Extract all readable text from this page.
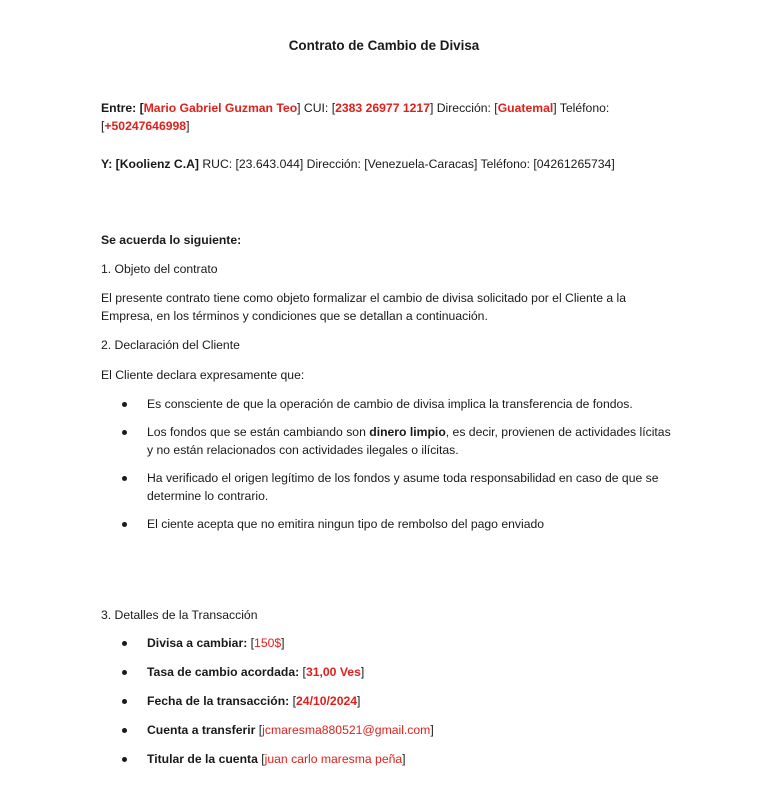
Contrato de Cambio de Divisa

Entre: [Mario Gabriel Guzman Teo] CUI: [2383 26977 1217] Dirección: [Guatemal] Teléfono:
[+50247646998]

Y: [Koolienz C.A] RUC: [23.643.044] Dirección: [Venezuela-Caracas] Teléfono: [04261265734]

Se acuerda lo siguiente:

1. Objeto del contrato

El presente contrato tiene como objeto formalizar el cambio de divisa solicitado por el Cliente a la Empresa, en los términos y condiciones que se detallan a continuación.

2. Declaración del Cliente

El Cliente declara expresamente que:

Es consciente de que la operación de cambio de divisa implica la transferencia de fondos.
Los fondos que se están cambiando son dinero limpio, es decir, provienen de actividades lícitas y no están relacionados con actividades ilegales o ilícitas.
Ha verificado el origen legítimo de los fondos y asume toda responsabilidad en caso de que se determine lo contrario.
El ciente acepta que no emitira ningun tipo de rembolso del pago enviado

3. Detalles de la Transacción

Divisa a cambiar: [150$]
Tasa de cambio acordada: [31,00 Ves]
Fecha de la transacción: [24/10/2024]
Cuenta a transferir [jcmaresma880521@gmail.com]
Titular de la cuenta [juan carlo maresma peña]
